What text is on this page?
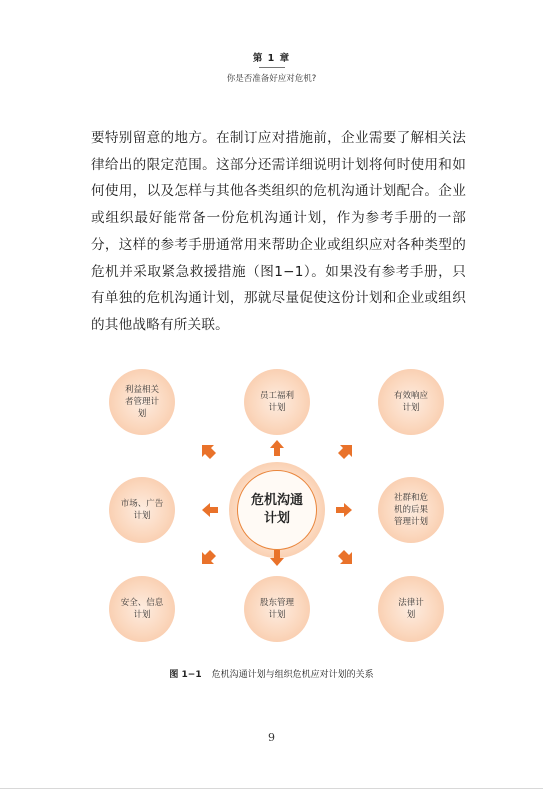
第 1 章
你是否准备好应对危机?
要特别留意的地方。在制订应对措施前，企业需要了解相关法律给出的限定范围。这部分还需详细说明计划将何时使用和如何使用，以及怎样与其他各类组织的危机沟通计划配合。企业或组织最好能常备一份危机沟通计划，作为参考手册的一部分，这样的参考手册通常用来帮助企业或组织应对各种类型的危机并采取紧急救援措施（图1−1）。如果没有参考手册，只有单独的危机沟通计划，那就尽量促使这份计划和企业或组织的其他战略有所关联。
利益相关者管理计划
员工福利计划
有效响应计划
市场、广告计划
社群和危机的后果管理计划
安全、信息计划
股东管理计划
法律计划
危机沟通计划
图 1−1 危机沟通计划与组织危机应对计划的关系
9
